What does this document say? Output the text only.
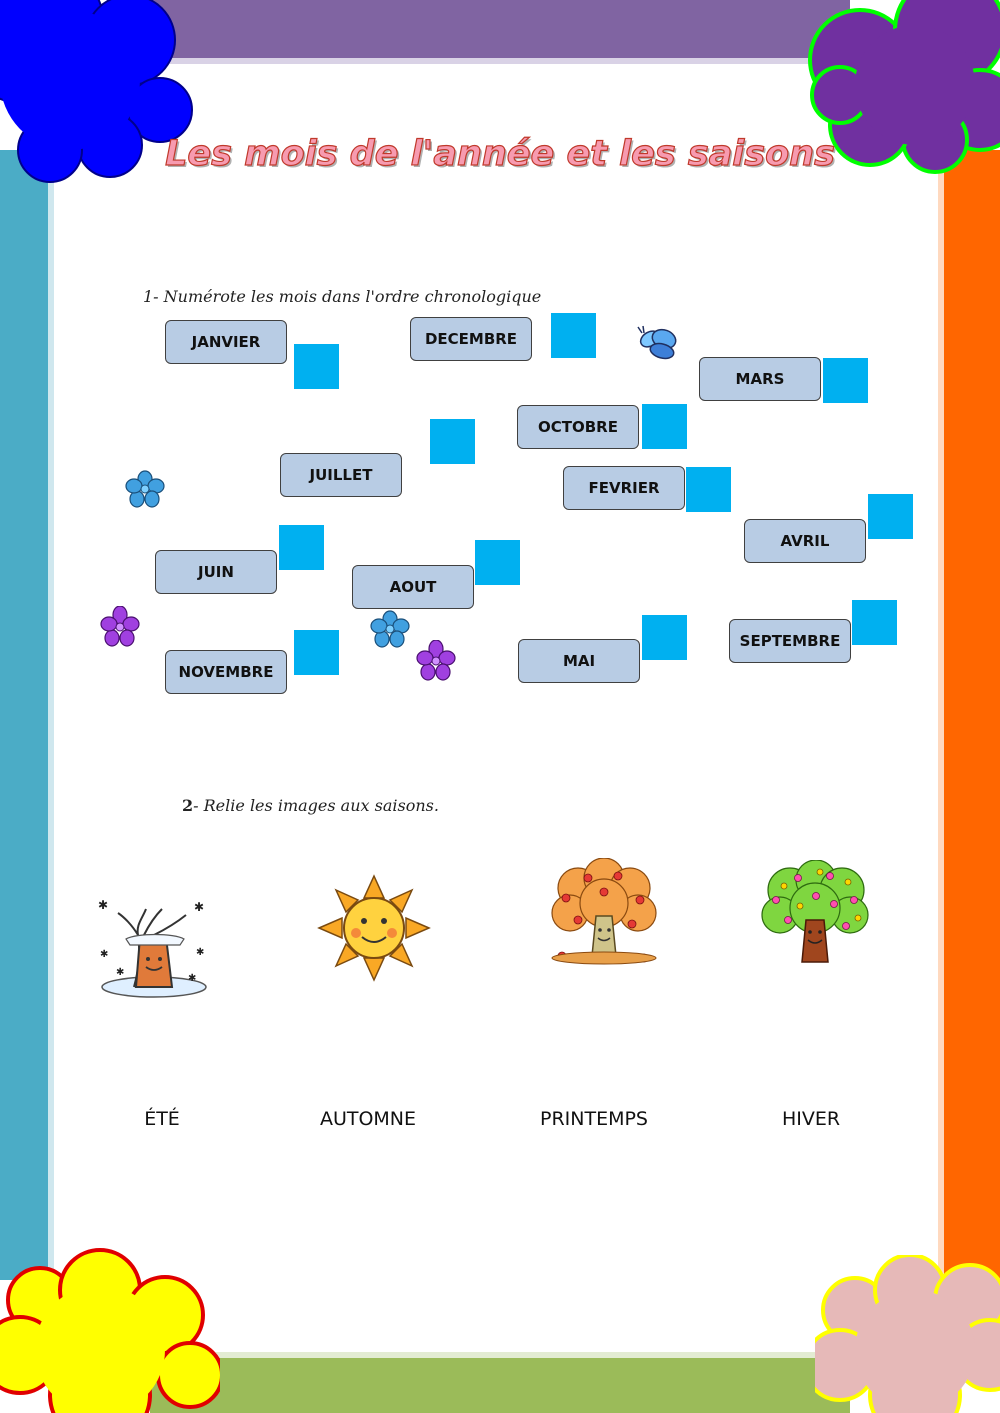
Les mois de l'année et les saisons
1- Numérote les mois dans l'ordre chronologique
JANVIER	DECEMBRE
MARS
OCTOBRE
JUILLET
FEVRIER
AVRIL
JUIN
AOUT
SEPTEMBRE
NOVEMBRE
MAI
2- Relie les images aux saisons.
✱	✱
✱	✱
✱
✱
ÉTÉ	AUTOMNE	PRINTEMPS	HIVER
